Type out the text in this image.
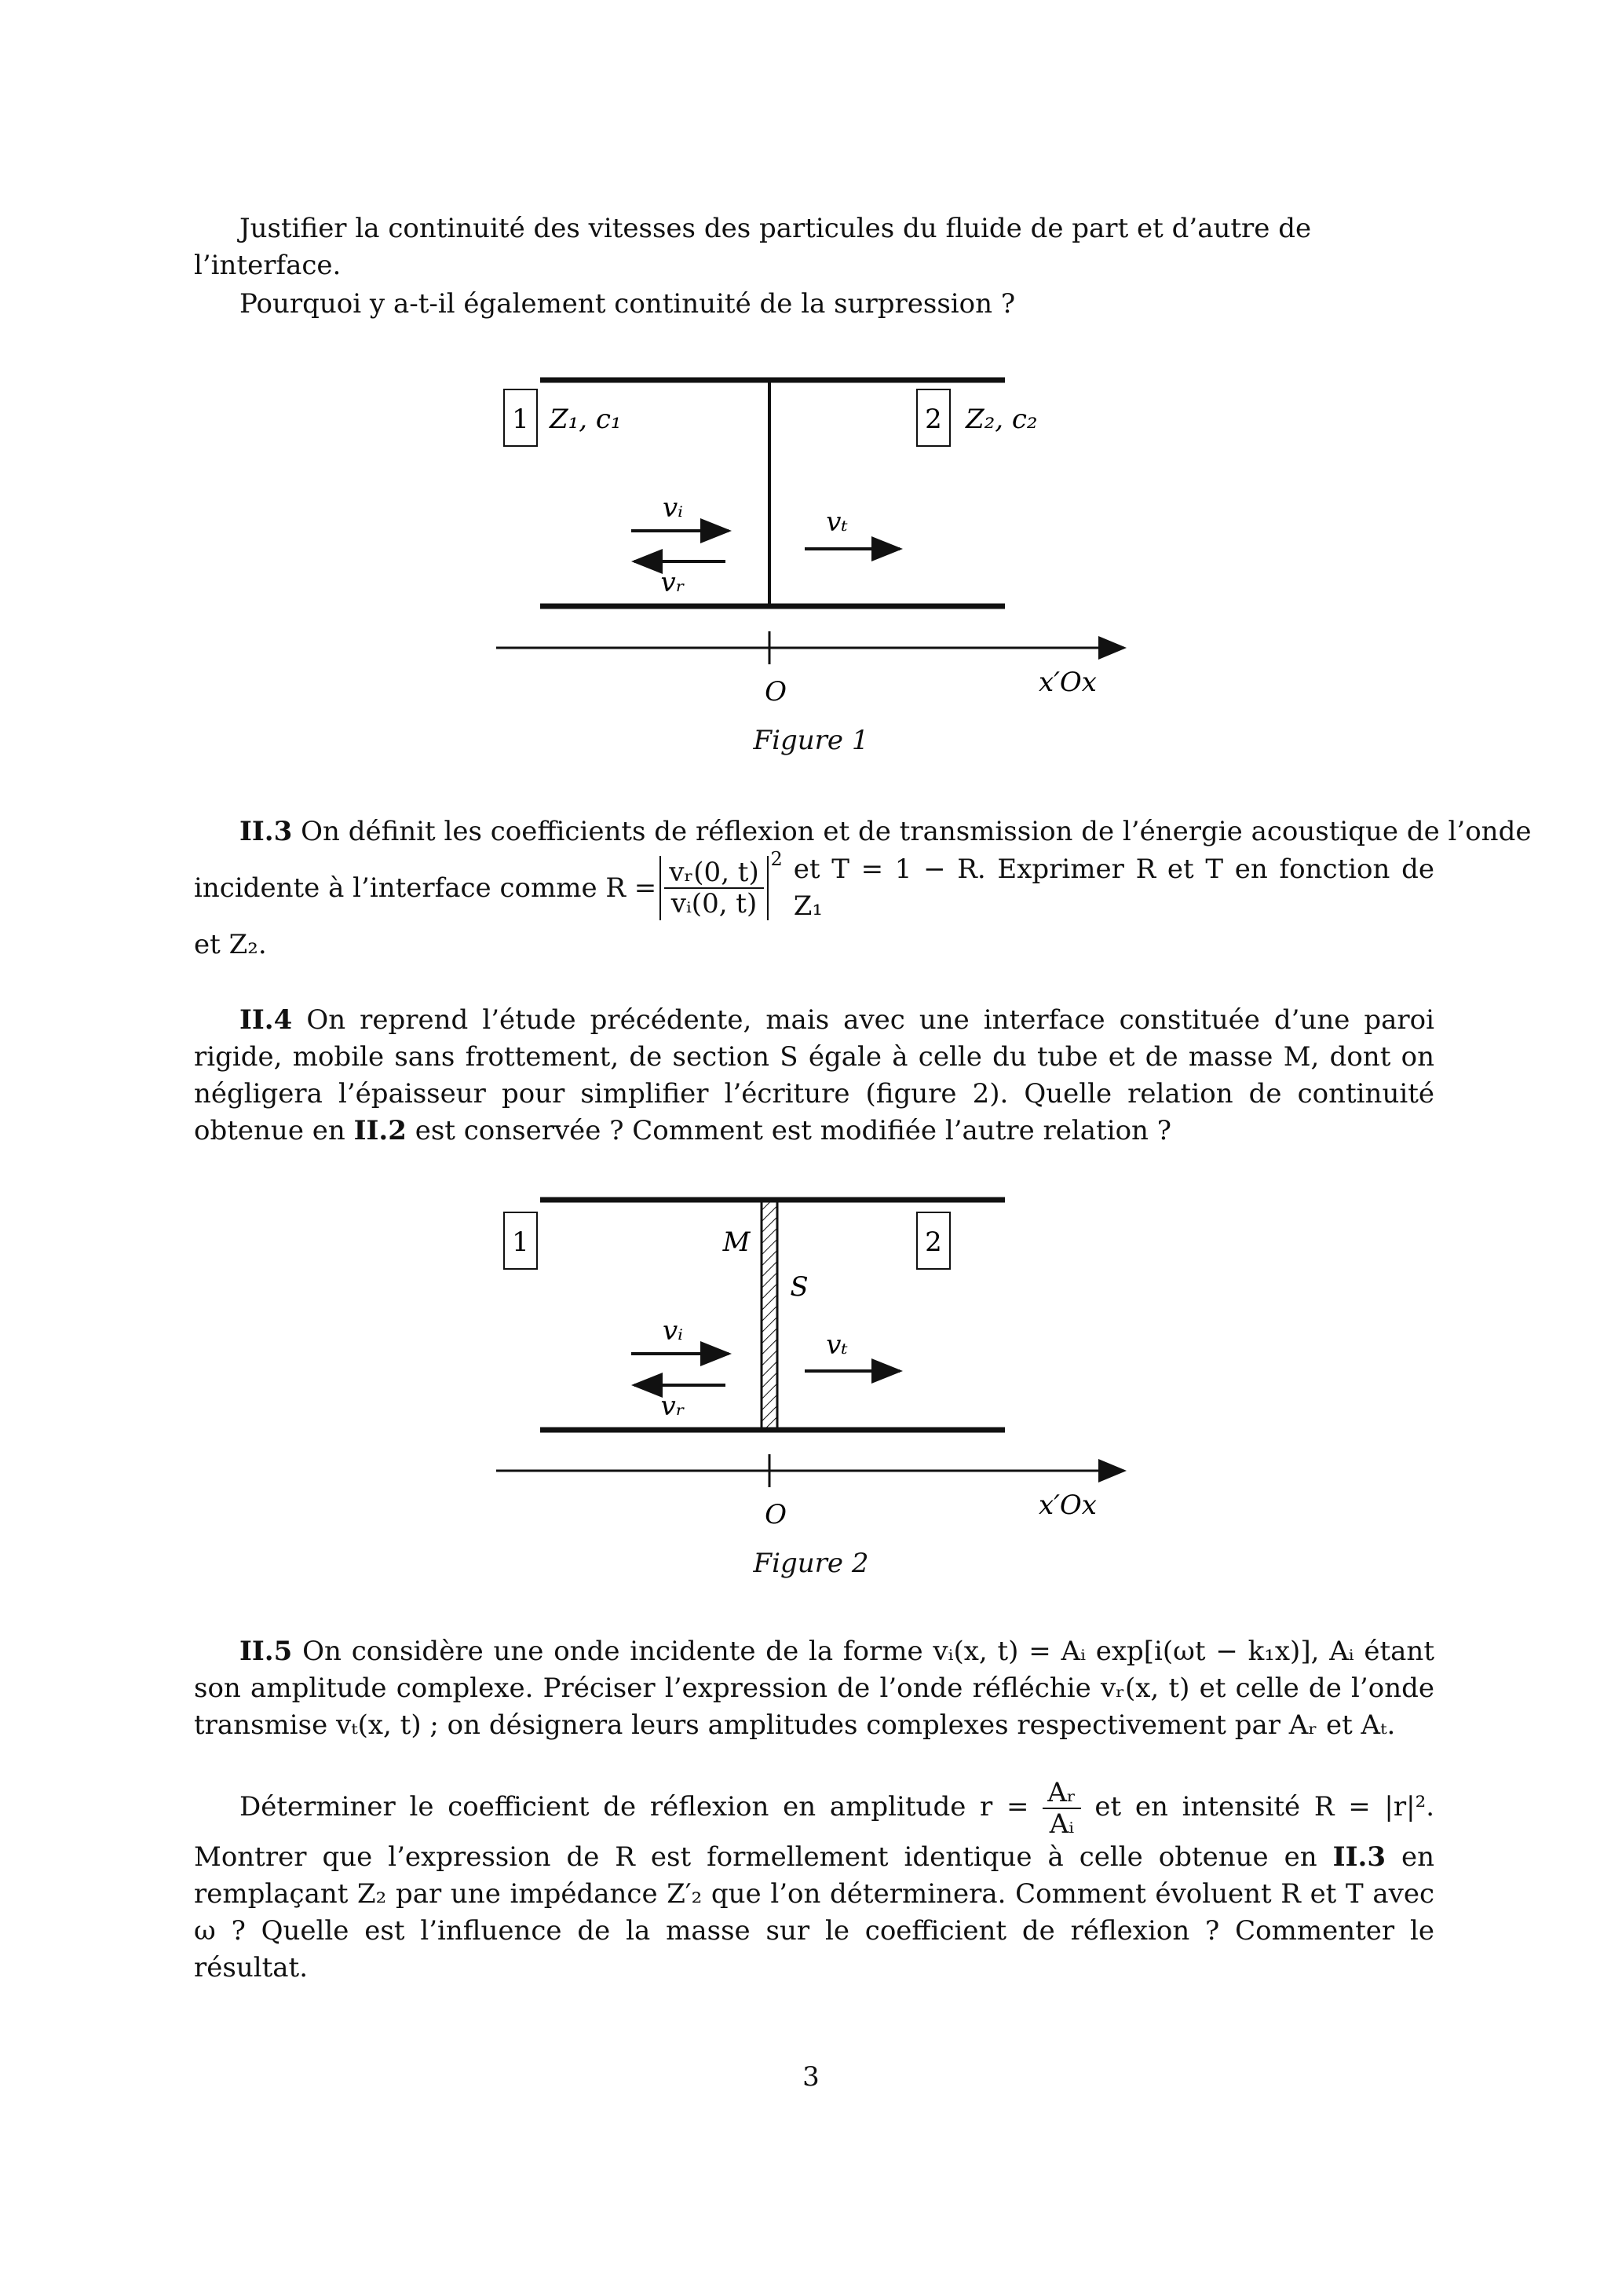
Justifier la continuité des vitesses des particules du fluide de part et d’autre de l’interface.
Pourquoi y a-t-il également continuité de la surpression ?
1 Z₁, c₁	2 Z₂, c₂
vᵢ
vᵣ
vₜ
O	x′Ox
Figure 1
II.3 On définit les coefficients de réflexion et de transmission de l’énergie acoustique de l’onde
incidente à l’interface comme $R = \frac{\text{vᵣ(0, t)}}{\text{vᵢ(0, t)}} 2$ et T = 1 − R. Exprimer R et T en fonction de Z₁
et Z₂.
II.4 On reprend l’étude précédente, mais avec une interface constituée d’une paroi rigide, mobile sans frottement, de section S égale à celle du tube et de masse M, dont on négligera l’épaisseur pour simplifier l’écriture (figure 2). Quelle relation de continuité obtenue en II.2 est conservée ? Comment est modifiée l’autre relation ?
1	2
M
S
vᵢ
vᵣ
vₜ
O	x′Ox
Figure 2
II.5 On considère une onde incidente de la forme vᵢ(x, t) = Aᵢ exp[i(ωt − k₁x)], Aᵢ étant son amplitude complexe. Préciser l’expression de l’onde réfléchie vᵣ(x, t) et celle de l’onde transmise vₜ(x, t) ; on désignera leurs amplitudes complexes respectivement par Aᵣ et Aₜ.
Déterminer le coefficient de réflexion en amplitude $r = \frac{\text{Aᵣ}}{\text{Aᵢ}}$ et en intensité R = |r|². Montrer que l’expression de R est formellement identique à celle obtenue en II.3 en remplaçant Z₂ par une impédance Z′₂ que l’on déterminera. Comment évoluent R et T avec ω ? Quelle est l’influence de la masse sur le coefficient de réflexion ? Commenter le résultat.
3
